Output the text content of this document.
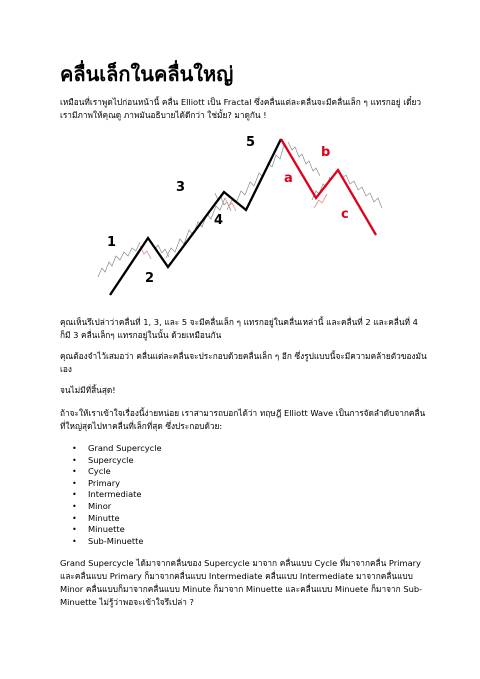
คลื่นเล็กในคลื่นใหญ่

เหมือนที่เราพูดไปก่อนหน้านี้ คลื่น Elliott เป็น Fractal ซึ่งคลื่นแต่ละคลื่นจะมีคลื่นเล็ก ๆ แทรกอยู่ เดี๋ยวเรามีภาพให้คุณดู ภาพมันอธิบายได้ดีกว่า ใช่มั้ย? มาดูกัน !

1
2
3
4
5
a
b
c

คุณเห็นรึเปล่าว่าคลื่นที่ 1, 3, และ 5 จะมีคลื่นเล็ก ๆ แทรกอยู่ในคลื่นเหล่านี้ และคลื่นที่ 2 และคลื่นที่ 4 ก็มี 3 คลื่นเล็กๆ แทรกอยู่ในนั้น ด้วยเหมือนกัน

คุณต้องจำไว้เสมอว่า คลื่นแต่ละคลื่นจะประกอบด้วยคลื่นเล็ก ๆ อีก ซึ่งรูปแบบนี้จะมีความคล้ายตัวของมันเอง

จนไม่มีที่สิ้นสุด!

ถ้าจะให้เราเข้าใจเรื่องนี้ง่ายหน่อย เราสามารถบอกได้ว่า ทฤษฎี Elliott Wave เป็นการจัดลำดับจากคลื่นที่ใหญ่สุดไปหาคลื่นที่เล็กที่สุด ซึ่งประกอบด้วย:

• Grand Supercycle
• Supercycle
• Cycle
• Primary
• Intermediate
• Minor
• Minutte
• Minuette
• Sub-Minuette

Grand Supercycle ได้มาจากคลื่นของ Supercycle มาจาก คลื่นแบบ Cycle ที่มาจากคลื่น Primary และคลื่นแบบ Primary ก็มาจากคลื่นแบบ Intermediate คลื่นแบบ Intermediate มาจากคลื่นแบบ Minor คลื่นแบบก็มาจากคลื่นแบบ Minute ก็มาจาก Minuette และคลื่นแบบ Minuete ก็มาจาก Sub-Minuette ไม่รู้ว่าพอจะเข้าใจรึเปล่า ?
